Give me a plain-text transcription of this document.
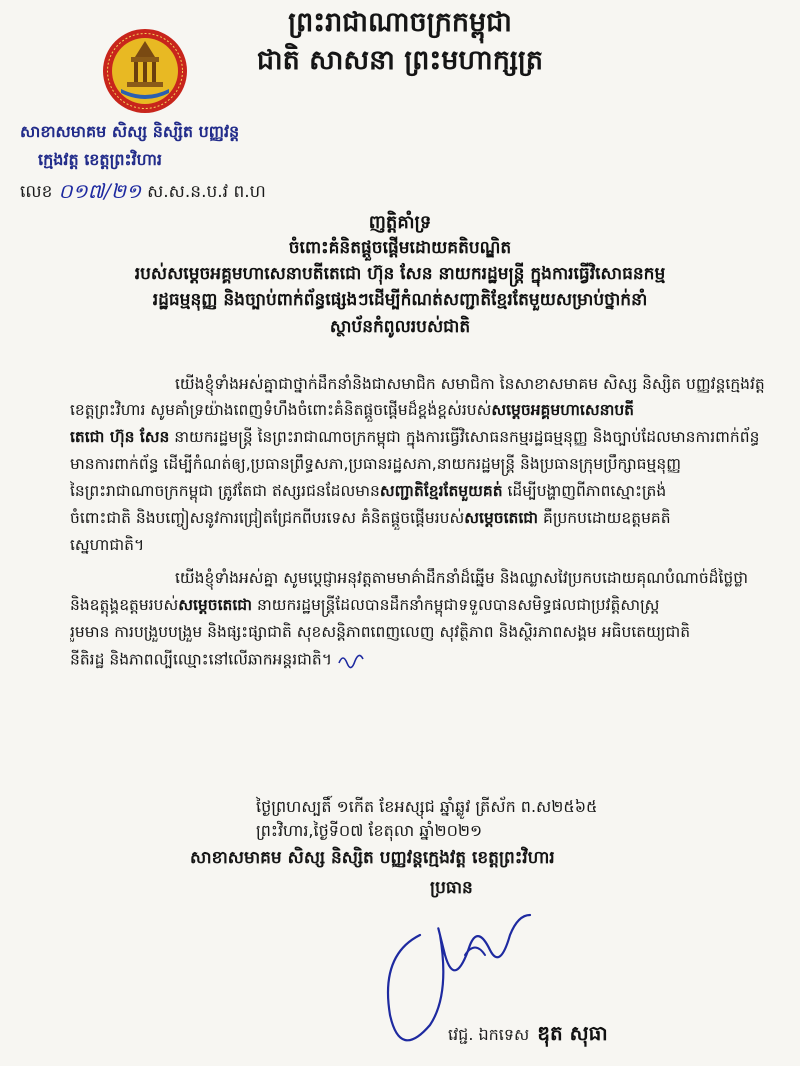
ព្រះរាជាណាចក្រកម្ពុជា
ជាតិ សាសនា ព្រះមហាក្សត្រ
សាខាសមាគម សិស្ស និស្សិត បញ្ញវន្ត
ក្មេងវត្ត ខេត្តព្រះវិហារ
លេខ ០១៧/២១ ស.ស.ន.ប.វ ព.ហ
ញត្តិគាំទ្រ
ចំពោះគំនិតផ្តួចផ្តើមដោយគតិបណ្ឌិត
របស់សម្តេចអគ្គមហាសេនាបតីតេជោ ហ៊ុន សែន នាយករដ្ឋមន្ត្រី ក្នុងការធ្វើវិសោធនកម្ម
រដ្ឋធម្មនុញ្ញ និងច្បាប់ពាក់ព័ន្ធផ្សេងៗដើម្បីកំណត់សញ្ជាតិខ្មែរតែមួយសម្រាប់ថ្នាក់នាំ
ស្ថាប័នកំពូលរបស់ជាតិ
យើងខ្ញុំទាំងអស់គ្នាជាថ្នាក់ដឹកនាំនិងជាសមាជិក សមាជិកា នៃសាខាសមាគម សិស្ស និស្សិត បញ្ញវន្តក្មេងវត្ត
ខេត្តព្រះវិហារ សូមគាំទ្រយ៉ាងពេញទំហឹងចំពោះគំនិតផ្តួចផ្តើមដ៏ខ្ពង់ខ្ពស់របស់សម្តេចអគ្គមហាសេនាបតី
តេជោ ហ៊ុន សែន នាយករដ្ឋមន្ត្រី នៃព្រះរាជាណាចក្រកម្ពុជា ក្នុងការធ្វើវិសោធនកម្មរដ្ឋធម្មនុញ្ញ និងច្បាប់ដែលមានការពាក់ព័ន្ធ
មានការពាក់ព័ន្ធ ដើម្បីកំណត់ឲ្យ,ប្រធានព្រឹទ្ធសភា,ប្រធានរដ្ឋសភា,នាយករដ្ឋមន្ត្រី និងប្រធានក្រុមប្រឹក្សាធម្មនុញ្ញ
នៃព្រះរាជាណាចក្រកម្ពុជា ត្រូវតែជា ឥស្សរជនដែលមានសញ្ជាតិខ្មែរតែមួយគត់ ដើម្បីបង្ហាញពីភាពស្មោះត្រង់
ចំពោះជាតិ និងបញ្ចៀសនូវការជ្រៀតជ្រែកពីបរទេស គំនិតផ្តួចផ្តើមរបស់សម្តេចតេជោ គឺប្រកបដោយឧត្តមគតិ
ស្នេហាជាតិ។
យើងខ្ញុំទាំងអស់គ្នា សូមប្តេជ្ញាអនុវត្តតាមមាគ៌ាដឹកនាំដ៏ឆ្នើម និងឈ្លាសវៃប្រកបដោយគុណបំណាច់ដ៏ថ្លៃថ្លា
និងឧត្តុង្គឧត្តមរបស់សម្តេចតេជោ នាយករដ្ឋមន្ត្រីដែលបានដឹកនាំកម្ពុជាទទួលបានសមិទ្ធផលជាប្រវត្តិសាស្ត្រ
រួមមាន ការបង្រួបបង្រួម និងផ្សះផ្សាជាតិ សុខសន្តិភាពពេញលេញ សុវត្ថិភាព និងស្ថិរភាពសង្គម អធិបតេយ្យជាតិ
នីតិរដ្ឋ និងភាពល្បីឈ្មោះនៅលើឆាកអន្តរជាតិ។
ថ្ងៃព្រហស្បតិ៍ ១កើត ខែអស្សុជ ឆ្នាំឆ្លូវ ត្រីស័ក ព.ស២៥៦៥
ព្រះវិហារ,ថ្ងៃទី០៧ ខែតុលា ឆ្នាំ២០២១
សាខាសមាគម សិស្ស និស្សិត បញ្ញវន្តក្មេងវត្ត ខេត្តព្រះវិហារ
ប្រធាន
វេជ្ជ. ឯកទេស ឌុត សុធា
